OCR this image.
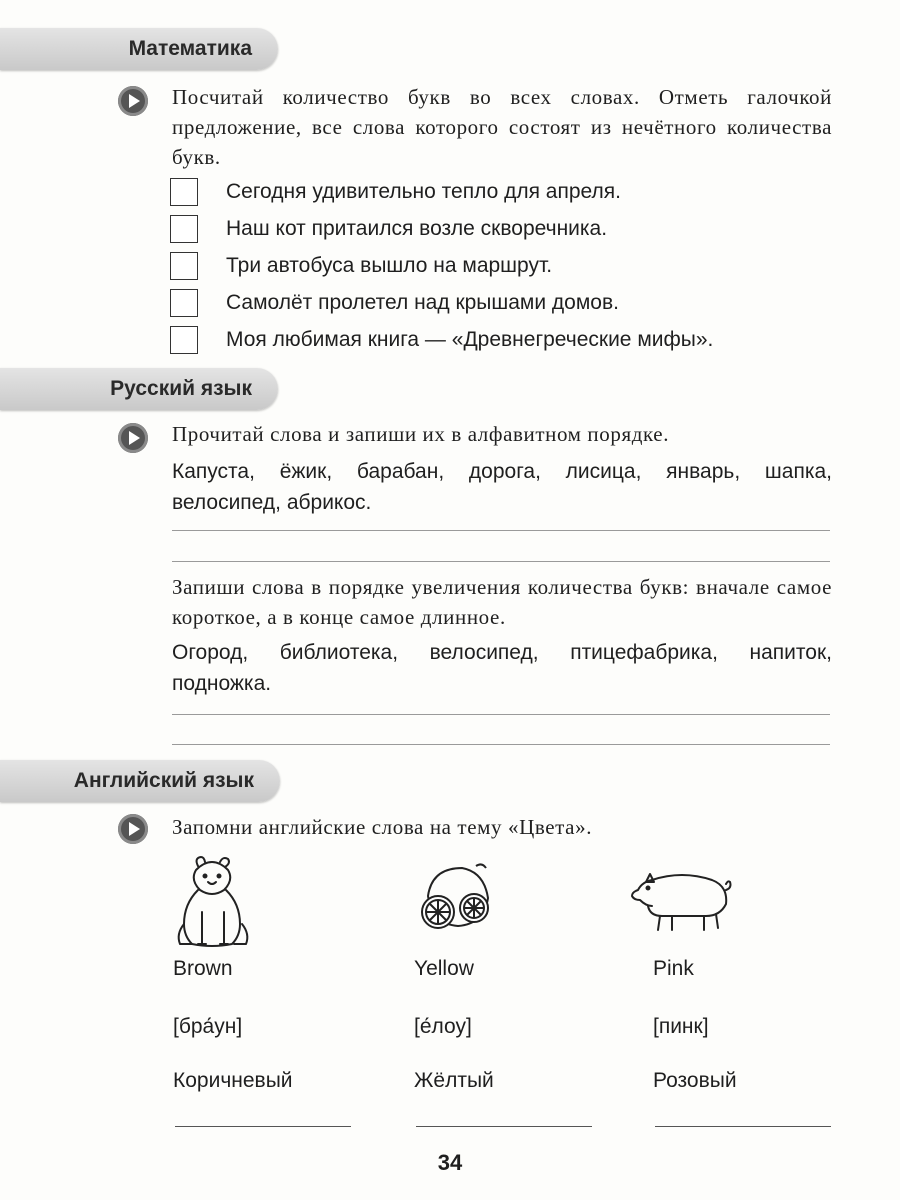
Математика
Посчитай количество букв во всех словах. Отметь галочкой предложение, все слова которого состоят из нечётного количества букв.
Сегодня удивительно тепло для апреля.
Наш кот притаился возле скворечника.
Три автобуса вышло на маршрут.
Самолёт пролетел над крышами домов.
Моя любимая книга — «Древнегреческие мифы».
Русский язык
Прочитай слова и запиши их в алфавитном порядке.
Капуста, ёжик, барабан, дорога, лисица, январь, шапка, велосипед, абрикос.
Запиши слова в порядке увеличения количества букв: вначале самое короткое, а в конце самое длинное.
Огород, библиотека, велосипед, птицефабрика, напиток, подножка.
Английский язык
Запомни английские слова на тему «Цвета».
Brown	Yellow	Pink
[бра́ун]	[е́лоу]	[пинк]
Коричневый	Жёлтый	Розовый
34
